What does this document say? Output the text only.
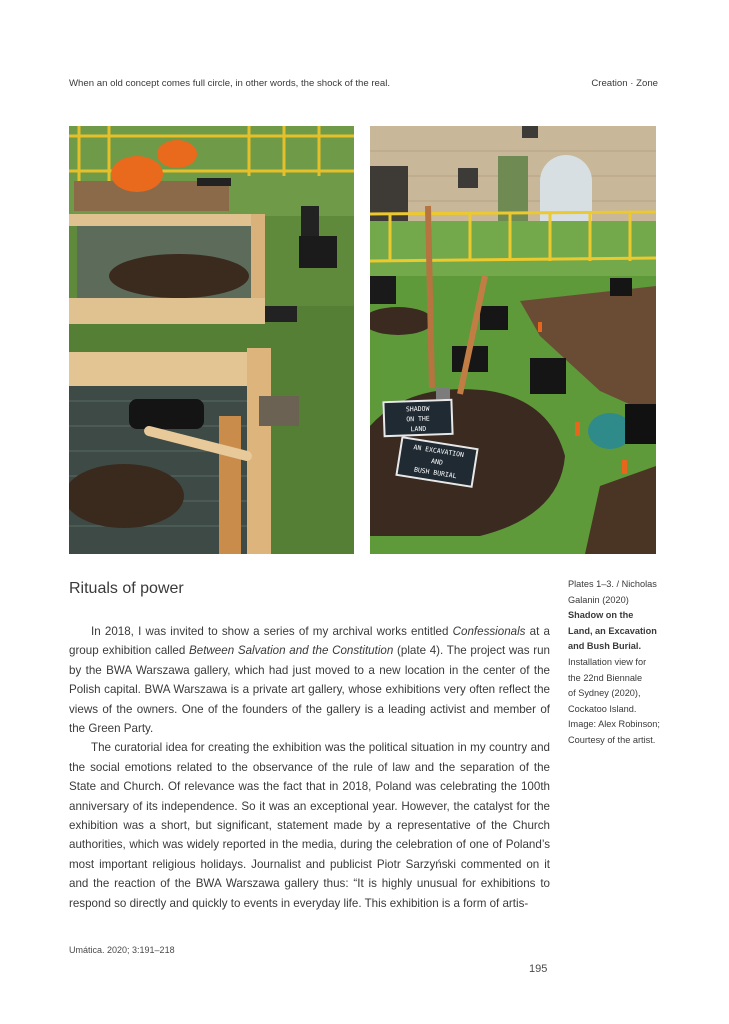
When an old concept comes full circle, in other words, the shock of the real.	Creation · Zone
SHADOW
ON THE
LAND
AN EXCAVATION
AND
BUSH BURIAL
Rituals of power	Plates 1–3. / Nicholas
Galanin (2020)
Shadow on the
Land, an Excavation
and Bush Burial.
Installation view for
the 22nd Biennale
of Sydney (2020),
Cockatoo Island.
Image: Alex Robinson;
Courtesy of the artist.

In 2018, I was invited to show a series of my archival works entitled Confessionals at a group exhibition called Between Salvation and the Constitution (plate 4). The project was run by the BWA Warszawa gallery, which had just moved to a new location in the center of the Polish capital. BWA Warszawa is a private art gallery, whose exhibitions very often reflect the views of the owners. One of the founders of the gallery is a leading activist and member of the Green Party.

The curatorial idea for creating the exhibition was the political situation in my country and the social emotions related to the observance of the rule of law and the separation of the State and Church. Of relevance was the fact that in 2018, Poland was celebrating the 100th anniversary of its independence. So it was an exceptional year. However, the catalyst for the exhibition was a short, but significant, statement made by a representative of the Church authorities, which was widely reported in the media, during the celebration of one of Poland’s most important religious holidays. Journalist and publicist Piotr Sarzyński commented on it and the reaction of the BWA Warszawa gallery thus: “It is highly unusual for exhibitions to respond so directly and quickly to events in everyday life. This exhibition is a form of artis-

Umática. 2020; 3:191–218
195
